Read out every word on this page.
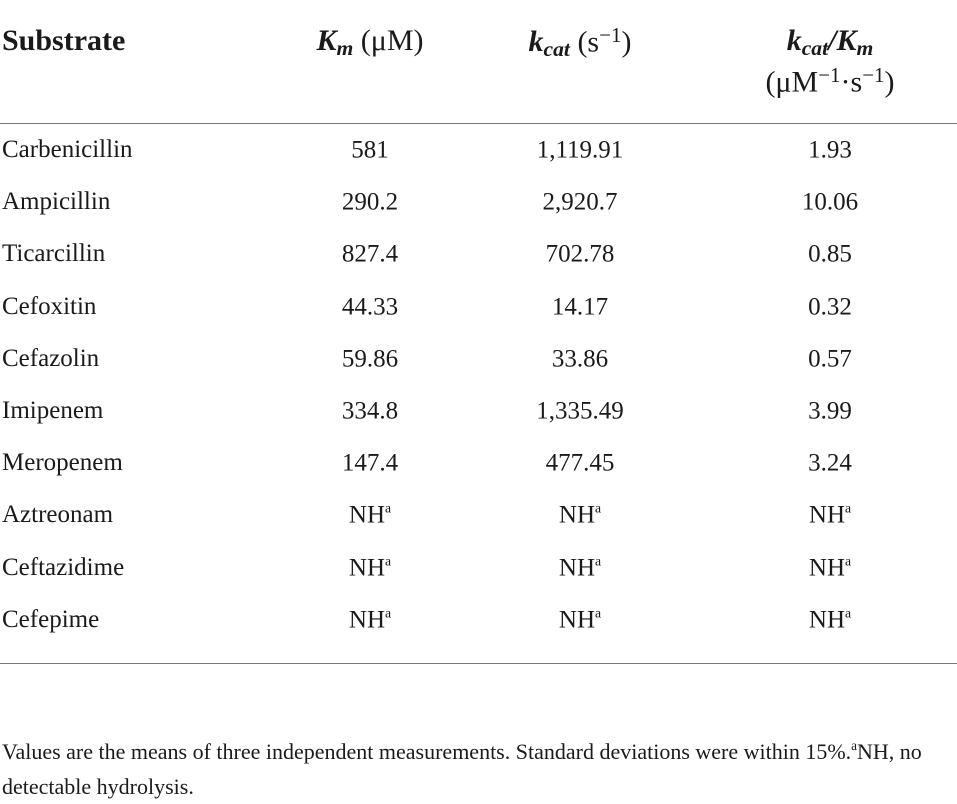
Substrate	$K_m$ (μM)	$k_{cat}$ $(s^{-1})$	$k_{cat}/K_m$
$(\mu M^{-1}\cdot s^{-1})$
Carbenicillin	581	1,119.91	1.93
Ampicillin	290.2	2,920.7	10.06
Ticarcillin	827.4	702.78	0.85
Cefoxitin	44.33	14.17	0.32
Cefazolin	59.86	33.86	0.57
Imipenem	334.8	1,335.49	3.99
Meropenem	147.4	477.45	3.24
Aztreonam	$NH^a$	$NH^a$	$NH^a$
Ceftazidime	$NH^a$	$NH^a$	$NH^a$
Cefepime	$NH^a$	$NH^a$	$NH^a$
Values are the means of three independent measurements. Standard deviations were within 15%.$^a$NH, no detectable hydrolysis.
